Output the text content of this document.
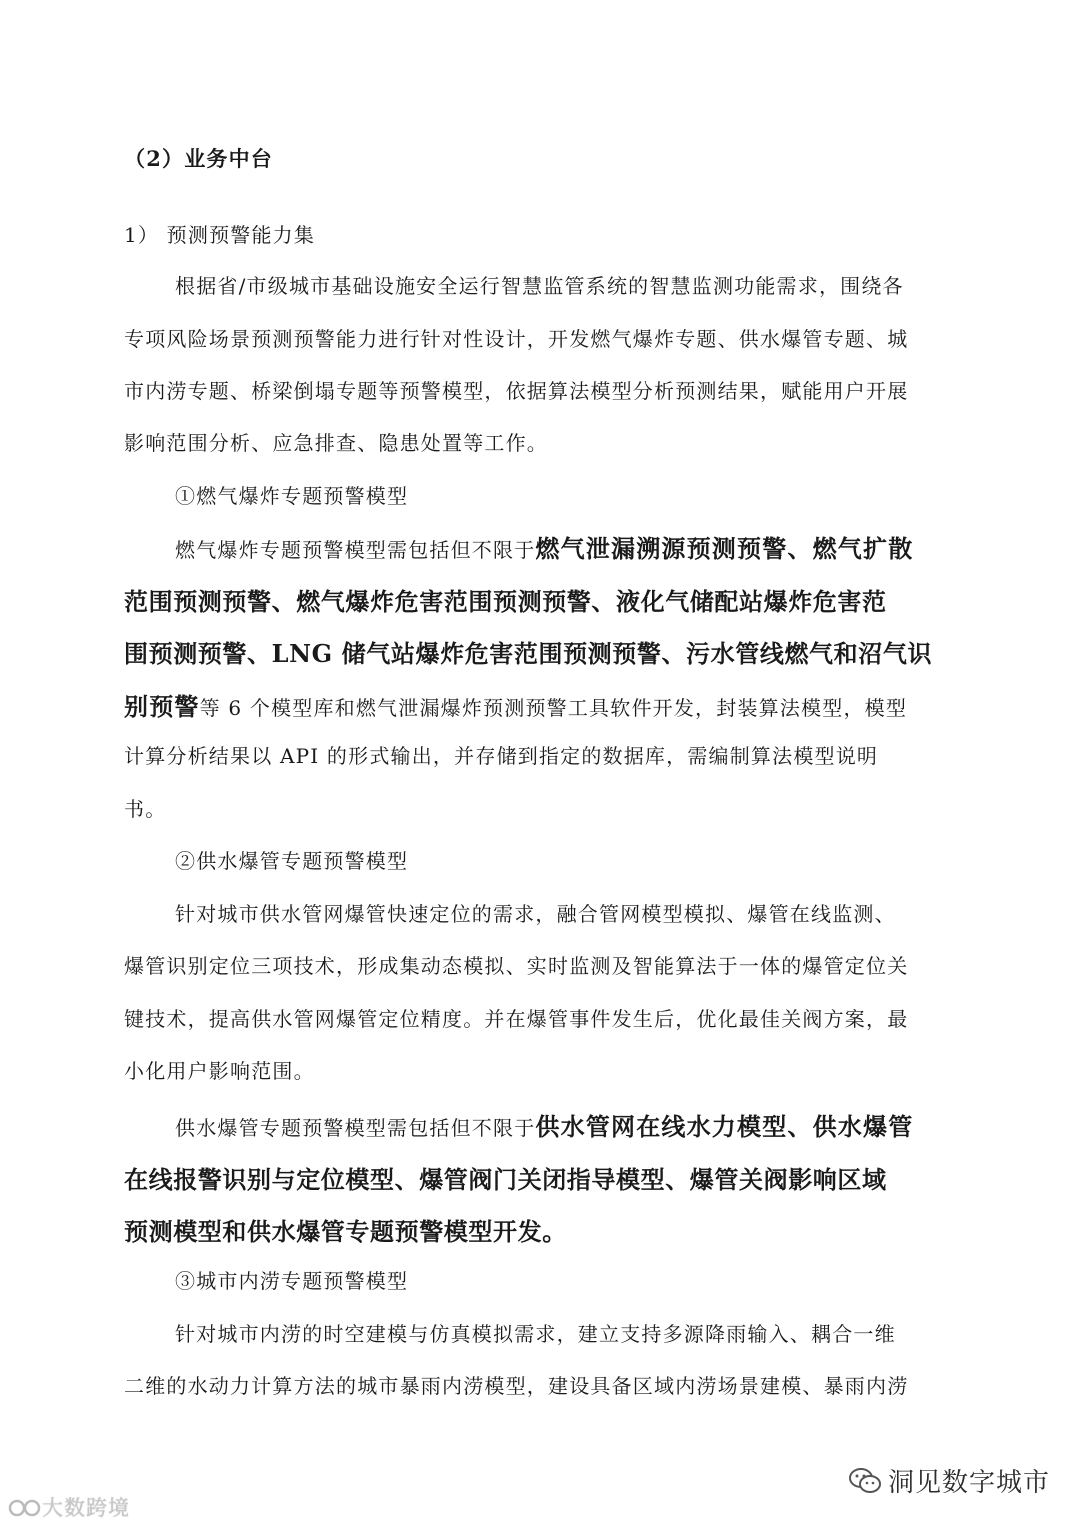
（2）业务中台
1） 预测预警能力集
根据省/市级城市基础设施安全运行智慧监管系统的智慧监测功能需求，围绕各
专项风险场景预测预警能力进行针对性设计，开发燃气爆炸专题、供水爆管专题、城
市内涝专题、桥梁倒塌专题等预警模型，依据算法模型分析预测结果，赋能用户开展
影响范围分析、应急排查、隐患处置等工作。
①燃气爆炸专题预警模型
燃气爆炸专题预警模型需包括但不限于燃气泄漏溯源预测预警、燃气扩散
范围预测预警、燃气爆炸危害范围预测预警、液化气储配站爆炸危害范
围预测预警、LNG 储气站爆炸危害范围预测预警、污水管线燃气和沼气识
别预警等 6 个模型库和燃气泄漏爆炸预测预警工具软件开发，封装算法模型，模型
计算分析结果以 API 的形式输出，并存储到指定的数据库，需编制算法模型说明
书。
②供水爆管专题预警模型
针对城市供水管网爆管快速定位的需求，融合管网模型模拟、爆管在线监测、
爆管识别定位三项技术，形成集动态模拟、实时监测及智能算法于一体的爆管定位关
键技术，提高供水管网爆管定位精度。并在爆管事件发生后，优化最佳关阀方案，最
小化用户影响范围。
供水爆管专题预警模型需包括但不限于供水管网在线水力模型、供水爆管
在线报警识别与定位模型、爆管阀门关闭指导模型、爆管关阀影响区域
预测模型和供水爆管专题预警模型开发。
③城市内涝专题预警模型
针对城市内涝的时空建模与仿真模拟需求，建立支持多源降雨输入、耦合一维
二维的水动力计算方法的城市暴雨内涝模型，建设具备区域内涝场景建模、暴雨内涝
洞见数字城市
大数跨境
